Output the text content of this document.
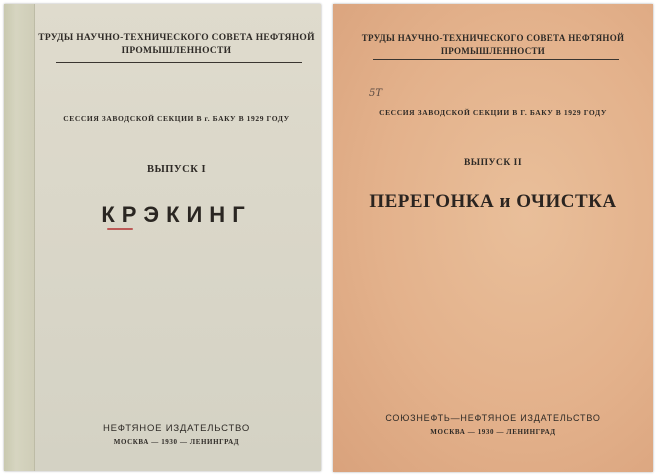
ТРУДЫ НАУЧНО-ТЕХНИЧЕСКОГО СОВЕТА НЕФТЯНОЙ ПРОМЫШЛЕННОСТИ
СЕССИЯ ЗАВОДСКОЙ СЕКЦИИ В г. БАКУ В 1929 ГОДУ
ВЫПУСК I
КРЭКИНГ
НЕФТЯНОЕ ИЗДАТЕЛЬСТВО
МОСКВА — 1930 — ЛЕНИНГРАД
ТРУДЫ НАУЧНО-ТЕХНИЧЕСКОГО СОВЕТА НЕФТЯНОЙ ПРОМЫШЛЕННОСТИ
5Т
СЕССИЯ ЗАВОДСКОЙ СЕКЦИИ В Г. БАКУ В 1929 ГОДУ
ВЫПУСК II
ПЕРЕГОНКА и ОЧИСТКА
СОЮЗНЕФТЬ—НЕФТЯНОЕ ИЗДАТЕЛЬСТВО
МОСКВА — 1930 — ЛЕНИНГРАД
